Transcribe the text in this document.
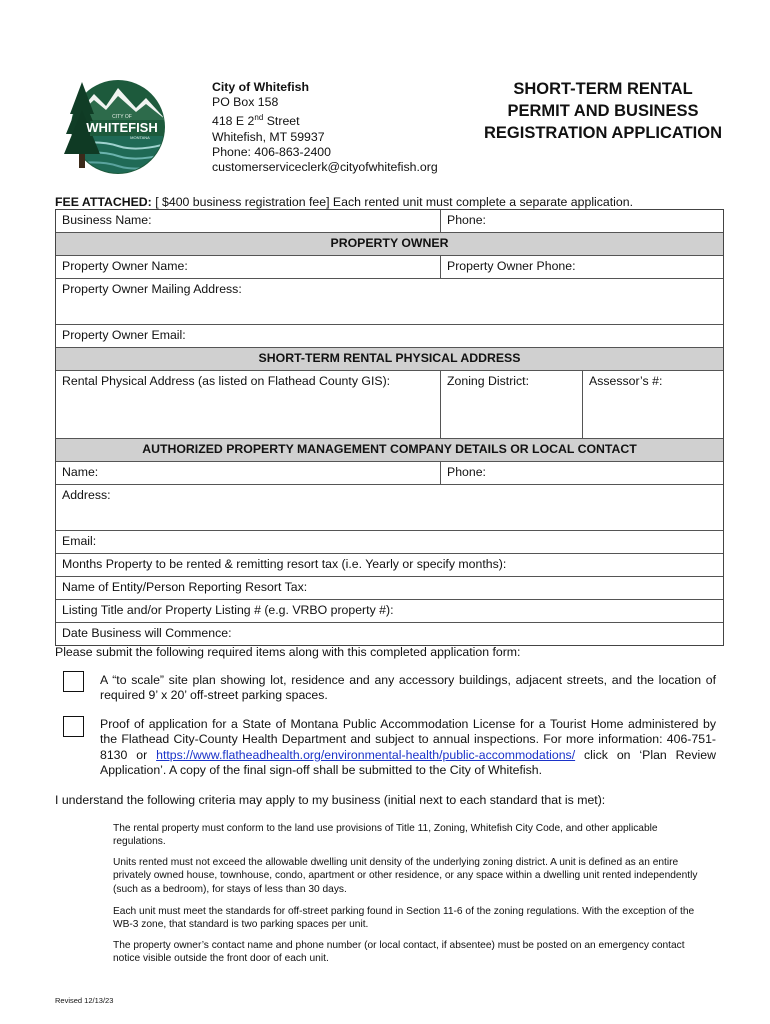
CITY OF
WHITEFISH
MONTANA
City of Whitefish
PO Box 158
418 E 2nd Street
Whitefish, MT 59937
Phone: 406-863-2400
customerserviceclerk@cityofwhitefish.org
SHORT-TERM RENTAL
PERMIT AND BUSINESS
REGISTRATION APPLICATION
FEE ATTACHED: [ $400 business registration fee] Each rented unit must complete a separate application.
Business Name:	Phone:
PROPERTY OWNER
Property Owner Name:	Property Owner Phone:
Property Owner Mailing Address:
Property Owner Email:
SHORT-TERM RENTAL PHYSICAL ADDRESS
Rental Physical Address (as listed on Flathead County GIS):	Zoning District:	Assessor’s #:
AUTHORIZED PROPERTY MANAGEMENT COMPANY DETAILS OR LOCAL CONTACT
Name:	Phone:
Address:
Email:
Months Property to be rented & remitting resort tax (i.e. Yearly or specify months):
Name of Entity/Person Reporting Resort Tax:
Listing Title and/or Property Listing # (e.g. VRBO property #):
Date Business will Commence:
Please submit the following required items along with this completed application form:
A “to scale” site plan showing lot, residence and any accessory buildings, adjacent streets, and the location of required 9’ x 20’ off-street parking spaces.
Proof of application for a State of Montana Public Accommodation License for a Tourist Home administered by the Flathead City-County Health Department and subject to annual inspections. For more information: 406-751-8130 or https://www.flatheadhealth.org/environmental-health/public-accommodations/ click on ‘Plan Review Application’. A copy of the final sign-off shall be submitted to the City of Whitefish.
I understand the following criteria may apply to my business (initial next to each standard that is met):
The rental property must conform to the land use provisions of Title 11, Zoning, Whitefish City Code, and other applicable regulations.
Units rented must not exceed the allowable dwelling unit density of the underlying zoning district. A unit is defined as an entire privately owned house, townhouse, condo, apartment or other residence, or any space within a dwelling unit rented independently (such as a bedroom), for stays of less than 30 days.
Each unit must meet the standards for off-street parking found in Section 11-6 of the zoning regulations. With the exception of the WB-3 zone, that standard is two parking spaces per unit.
The property owner’s contact name and phone number (or local contact, if absentee) must be posted on an emergency contact notice visible outside the front door of each unit.
Revised 12/13/23
